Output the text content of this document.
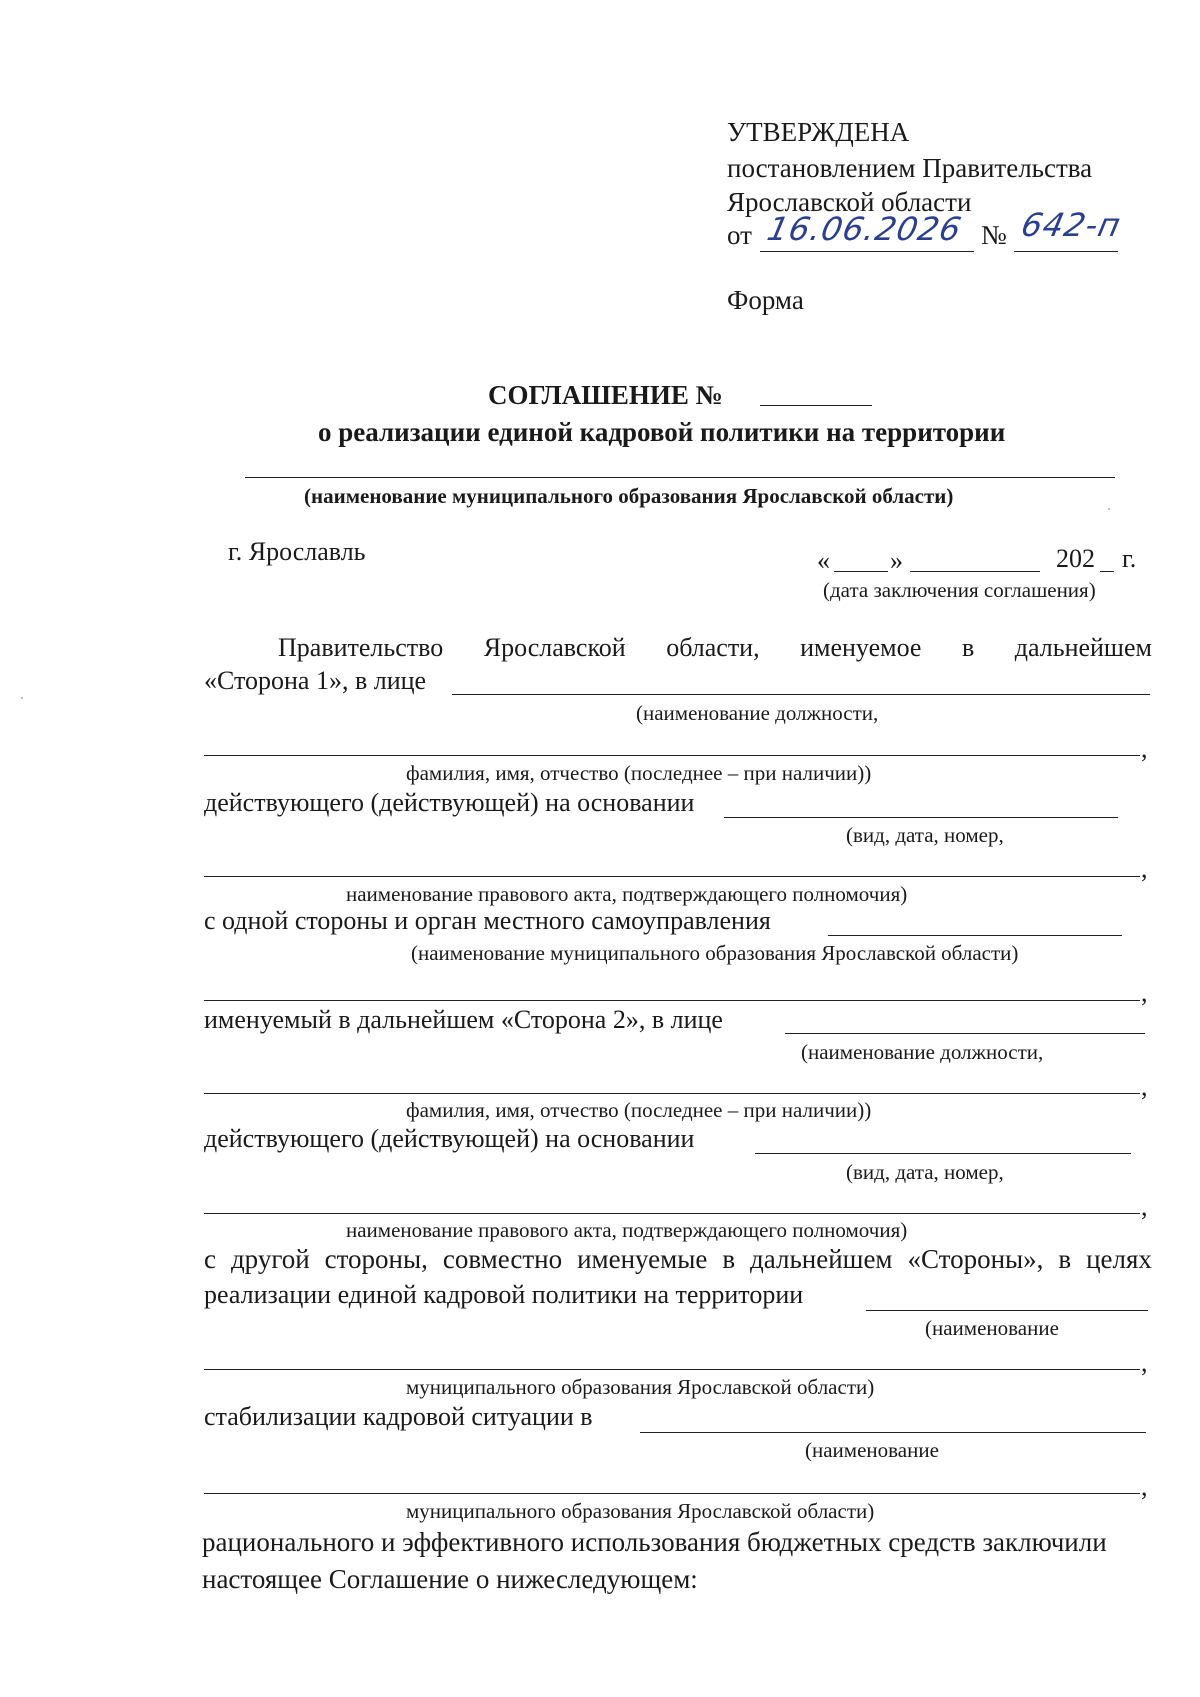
УТВЕРЖДЕНА
постановлением Правительства
Ярославской области
от 16.06.2026 № 642-п
Форма
СОГЛАШЕНИЕ №
о реализации единой кадровой политики на территории
(наименование муниципального образования Ярославской области)
г. Ярославль	« »	202 г.
(дата заключения соглашения)
Правительство Ярославской области, именуемое в дальнейшем
«Сторона 1», в лице
(наименование должности,
,
фамилия, имя, отчество (последнее – при наличии))
действующего (действующей) на основании
(вид, дата, номер,
,
наименование правового акта, подтверждающего полномочия)
с одной стороны и орган местного самоуправления
(наименование муниципального образования Ярославской области)
,
именуемый в дальнейшем «Сторона 2», в лице
(наименование должности,
,
фамилия, имя, отчество (последнее – при наличии))
действующего (действующей) на основании
(вид, дата, номер,
,
наименование правового акта, подтверждающего полномочия)
с другой стороны, совместно именуемые в дальнейшем «Стороны», в целях
реализации единой кадровой политики на территории
(наименование
,
муниципального образования Ярославской области)
стабилизации кадровой ситуации в
(наименование
,
муниципального образования Ярославской области)
рационального и эффективного использования бюджетных средств заключили
настоящее Соглашение о нижеследующем:
